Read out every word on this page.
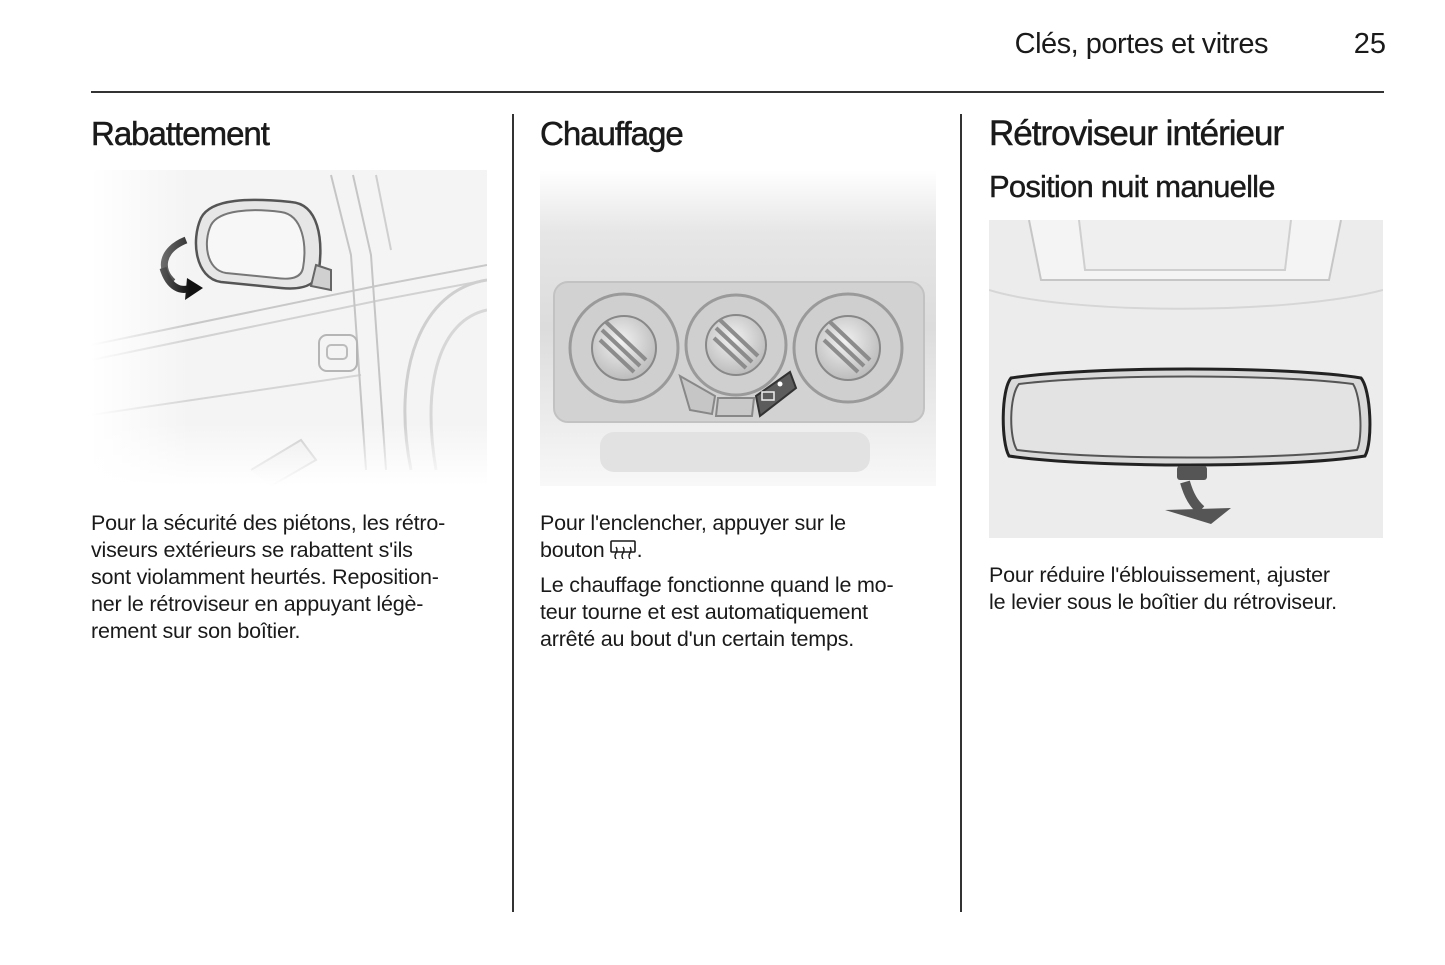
Clés, portes et vitres	25
Rabattement

Pour la sécurité des piétons, les rétro-
viseurs extérieurs se rabattent s'ils
sont violamment heurtés. Reposition-
ner le rétroviseur en appuyant légè-
rement sur son boîtier.

Chauffage

Pour l'enclencher, appuyer sur le
bouton .

Le chauffage fonctionne quand le mo-
teur tourne et est automatiquement
arrêté au bout d'un certain temps.

Rétroviseur intérieur
Position nuit manuelle

Pour réduire l'éblouissement, ajuster
le levier sous le boîtier du rétroviseur.
